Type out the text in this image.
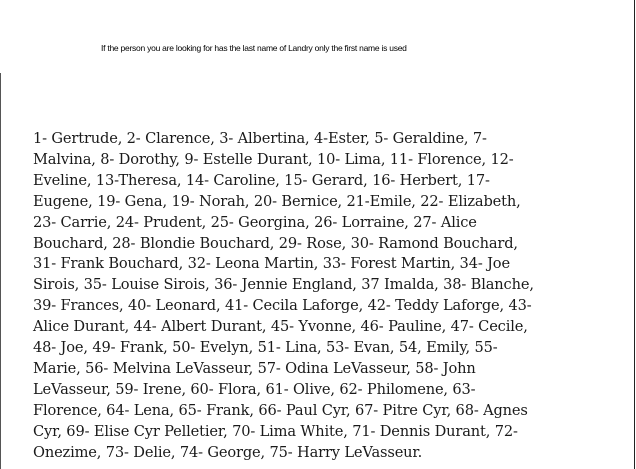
If the person you are looking for has the last name of Landry only the first name is used

1- Gertrude, 2- Clarence, 3- Albertina, 4-Ester, 5- Geraldine, 7-
Malvina, 8- Dorothy, 9- Estelle Durant, 10- Lima, 11- Florence, 12-
Eveline, 13-Theresa, 14- Caroline, 15- Gerard, 16- Herbert, 17-
Eugene, 19- Gena, 19- Norah, 20- Bernice, 21-Emile, 22- Elizabeth,
23- Carrie, 24- Prudent, 25- Georgina, 26- Lorraine, 27- Alice
Bouchard, 28- Blondie Bouchard, 29- Rose, 30- Ramond Bouchard,
31- Frank Bouchard, 32- Leona Martin, 33- Forest Martin, 34- Joe
Sirois, 35- Louise Sirois, 36- Jennie England, 37 Imalda, 38- Blanche,
39- Frances, 40- Leonard, 41- Cecila Laforge, 42- Teddy Laforge, 43-
Alice Durant, 44- Albert Durant, 45- Yvonne, 46- Pauline, 47- Cecile,
48- Joe, 49- Frank, 50- Evelyn, 51- Lina, 53- Evan, 54, Emily, 55-
Marie, 56- Melvina LeVasseur, 57- Odina LeVasseur, 58- John
LeVasseur, 59- Irene, 60- Flora, 61- Olive, 62- Philomene, 63-
Florence, 64- Lena, 65- Frank, 66- Paul Cyr, 67- Pitre Cyr, 68- Agnes
Cyr, 69- Elise Cyr Pelletier, 70- Lima White, 71- Dennis Durant, 72-
Onezime, 73- Delie, 74- George, 75- Harry LeVasseur.
